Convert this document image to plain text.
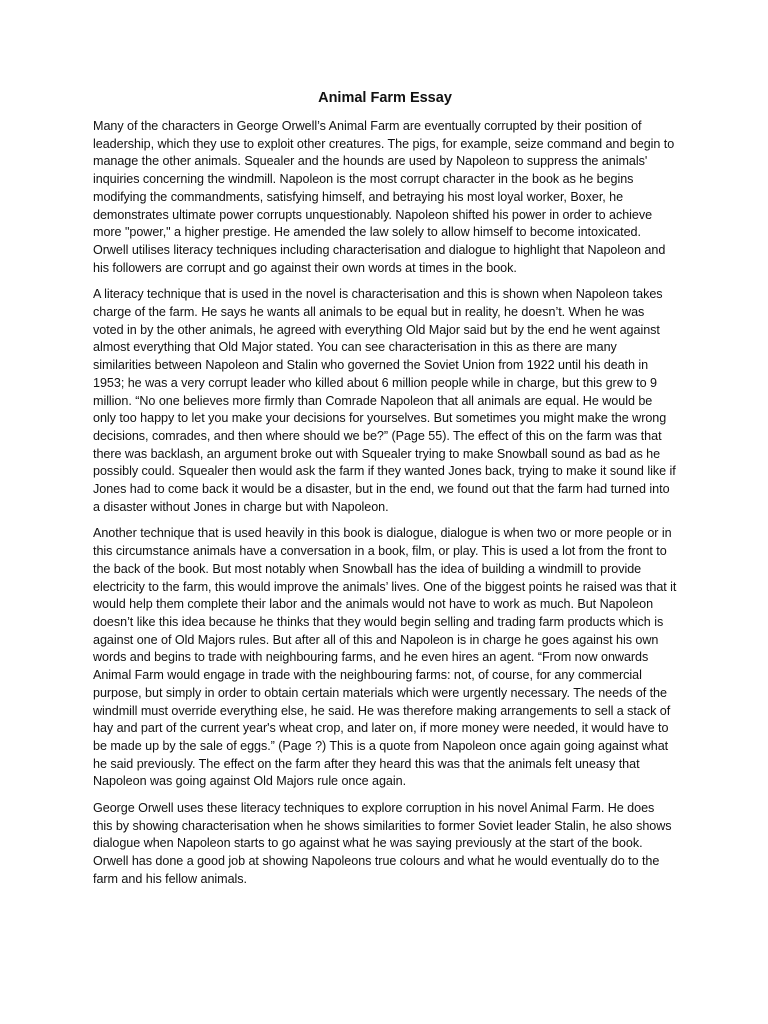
Animal Farm Essay

Many of the characters in George Orwell’s Animal Farm are eventually corrupted by their position of leadership, which they use to exploit other creatures. The pigs, for example, seize command and begin to manage the other animals. Squealer and the hounds are used by Napoleon to suppress the animals' inquiries concerning the windmill. Napoleon is the most corrupt character in the book as he begins modifying the commandments, satisfying himself, and betraying his most loyal worker, Boxer, he demonstrates ultimate power corrupts unquestionably. Napoleon shifted his power in order to achieve more "power," a higher prestige. He amended the law solely to allow himself to become intoxicated. Orwell utilises literacy techniques including characterisation and dialogue to highlight that Napoleon and his followers are corrupt and go against their own words at times in the book.

A literacy technique that is used in the novel is characterisation and this is shown when Napoleon takes charge of the farm. He says he wants all animals to be equal but in reality, he doesn’t. When he was voted in by the other animals, he agreed with everything Old Major said but by the end he went against almost everything that Old Major stated. You can see characterisation in this as there are many similarities between Napoleon and Stalin who governed the Soviet Union from 1922 until his death in 1953; he was a very corrupt leader who killed about 6 million people while in charge, but this grew to 9 million. “No one believes more firmly than Comrade Napoleon that all animals are equal. He would be only too happy to let you make your decisions for yourselves. But sometimes you might make the wrong decisions, comrades, and then where should we be?” (Page 55). The effect of this on the farm was that there was backlash, an argument broke out with Squealer trying to make Snowball sound as bad as he possibly could. Squealer then would ask the farm if they wanted Jones back, trying to make it sound like if Jones had to come back it would be a disaster, but in the end, we found out that the farm had turned into a disaster without Jones in charge but with Napoleon.

Another technique that is used heavily in this book is dialogue, dialogue is when two or more people or in this circumstance animals have a conversation in a book, film, or play. This is used a lot from the front to the back of the book. But most notably when Snowball has the idea of building a windmill to provide electricity to the farm, this would improve the animals’ lives. One of the biggest points he raised was that it would help them complete their labor and the animals would not have to work as much. But Napoleon doesn’t like this idea because he thinks that they would begin selling and trading farm products which is against one of Old Majors rules. But after all of this and Napoleon is in charge he goes against his own words and begins to trade with neighbouring farms, and he even hires an agent. “From now onwards Animal Farm would engage in trade with the neighbouring farms: not, of course, for any commercial purpose, but simply in order to obtain certain materials which were urgently necessary. The needs of the windmill must override everything else, he said. He was therefore making arrangements to sell a stack of hay and part of the current year's wheat crop, and later on, if more money were needed, it would have to be made up by the sale of eggs.” (Page ?) This is a quote from Napoleon once again going against what he said previously. The effect on the farm after they heard this was that the animals felt uneasy that Napoleon was going against Old Majors rule once again.

George Orwell uses these literacy techniques to explore corruption in his novel Animal Farm. He does this by showing characterisation when he shows similarities to former Soviet leader Stalin, he also shows dialogue when Napoleon starts to go against what he was saying previously at the start of the book. Orwell has done a good job at showing Napoleons true colours and what he would eventually do to the farm and his fellow animals.
